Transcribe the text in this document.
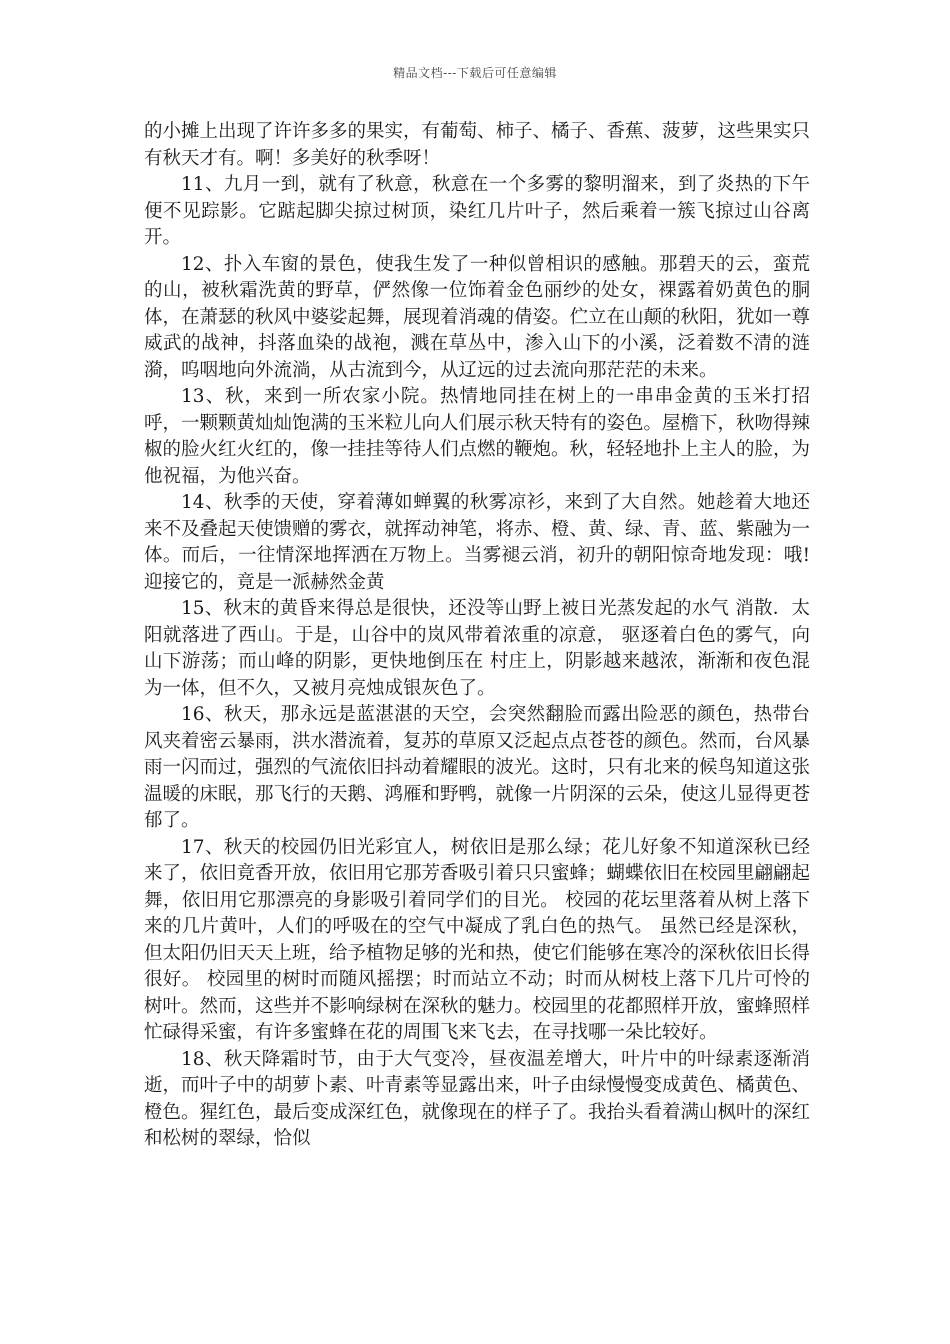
精品文档---下载后可任意编辑

的小摊上出现了许许多多的果实，有葡萄、柿子、橘子、香蕉、菠萝，这些果实只有秋天才有。啊！多美好的秋季呀！

11、九月一到，就有了秋意，秋意在一个多雾的黎明溜来，到了炎热的下午便不见踪影。它踮起脚尖掠过树顶，染红几片叶子，然后乘着一簇飞掠过山谷离开。

12、扑入车窗的景色，使我生发了一种似曾相识的感触。那碧天的云，蛮荒的山，被秋霜洗黄的野草，俨然像一位饰着金色丽纱的处女，裸露着奶黄色的胴体，在萧瑟的秋风中婆娑起舞，展现着消魂的倩姿。伫立在山颠的秋阳，犹如一尊威武的战神，抖落血染的战袍，溅在草丛中，渗入山下的小溪，泛着数不清的涟漪，呜咽地向外流淌，从古流到今，从辽远的过去流向那茫茫的未来。

13、秋，来到一所农家小院。热情地同挂在树上的一串串金黄的玉米打招呼，一颗颗黄灿灿饱满的玉米粒儿向人们展示秋天特有的姿色。屋檐下，秋吻得辣椒的脸火红火红的，像一挂挂等待人们点燃的鞭炮。秋，轻轻地扑上主人的脸，为他祝福，为他兴奋。

14、秋季的天使，穿着薄如蝉翼的秋雾凉衫，来到了大自然。她趁着大地还来不及叠起天使馈赠的雾衣，就挥动神笔，将赤、橙、黄、绿、青、蓝、紫融为一体。而后，一往情深地挥洒在万物上。当雾褪云消，初升的朝阳惊奇地发现：哦!迎接它的，竟是一派赫然金黄

15、秋末的黄昏来得总是很快，还没等山野上被日光蒸发起的水气 消散．太阳就落进了西山。于是，山谷中的岚风带着浓重的凉意， 驱逐着白色的雾气，向山下游荡；而山峰的阴影，更快地倒压在 村庄上，阴影越来越浓，渐渐和夜色混为一体，但不久，又被月亮烛成银灰色了。

16、秋天，那永远是蓝湛湛的天空，会突然翻脸而露出险恶的颜色，热带台风夹着密云暴雨，洪水潜流着，复苏的草原又泛起点点苍苍的颜色。然而，台风暴雨一闪而过，强烈的气流依旧抖动着耀眼的波光。这时，只有北来的候鸟知道这张温暖的床眠，那飞行的天鹅、鸿雁和野鸭，就像一片阴深的云朵，使这儿显得更苍郁了。

17、秋天的校园仍旧光彩宜人，树依旧是那么绿；花儿好象不知道深秋已经来了，依旧竟香开放，依旧用它那芳香吸引着只只蜜蜂；蝴蝶依旧在校园里翩翩起舞，依旧用它那漂亮的身影吸引着同学们的目光。 校园的花坛里落着从树上落下来的几片黄叶，人们的呼吸在的空气中凝成了乳白色的热气。 虽然已经是深秋，但太阳仍旧天天上班，给予植物足够的光和热，使它们能够在寒冷的深秋依旧长得很好。 校园里的树时而随风摇摆；时而站立不动；时而从树枝上落下几片可怜的树叶。然而，这些并不影响绿树在深秋的魅力。校园里的花都照样开放，蜜蜂照样忙碌得采蜜，有许多蜜蜂在花的周围飞来飞去，在寻找哪一朵比较好。

18、秋天降霜时节，由于大气变冷，昼夜温差增大，叶片中的叶绿素逐渐消逝，而叶子中的胡萝卜素、叶青素等显露出来，叶子由绿慢慢变成黄色、橘黄色、橙色。猩红色，最后变成深红色，就像现在的样子了。我抬头看着满山枫叶的深红和松树的翠绿，恰似
